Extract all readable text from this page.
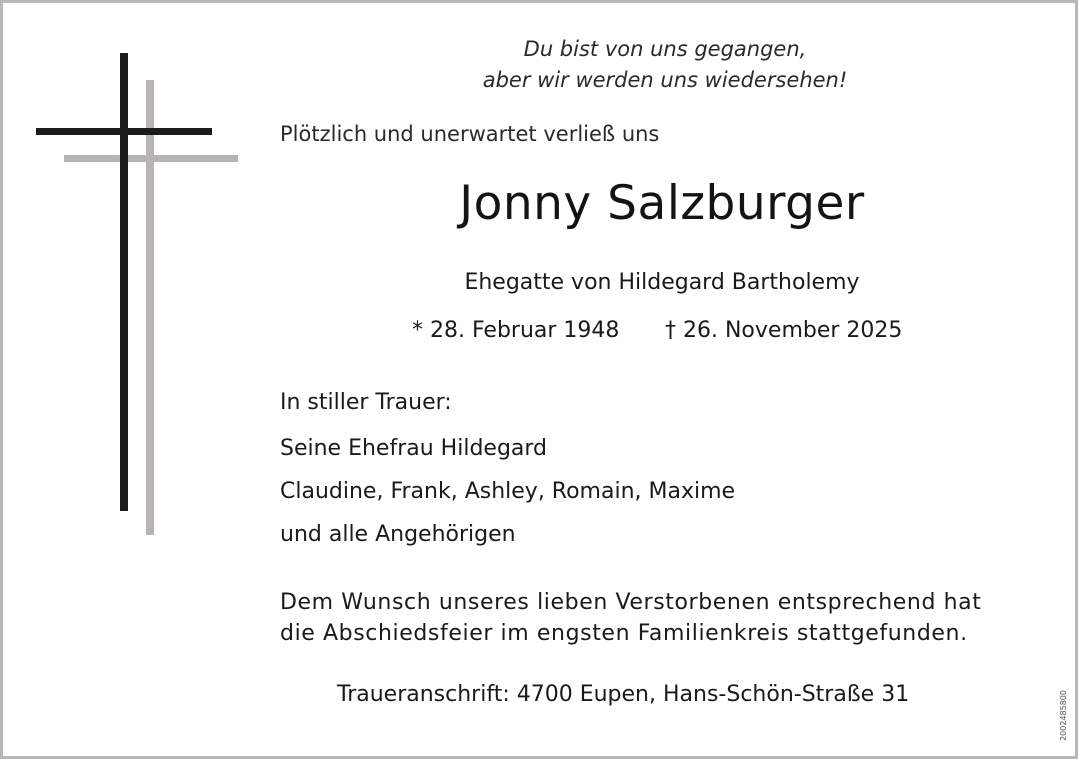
Du bist von uns gegangen,
aber wir werden uns wiedersehen!
Plötzlich und unerwartet verließ uns
Jonny Salzburger
Ehegatte von Hildegard Bartholemy
* 28. Februar 1948 † 26. November 2025
In stiller Trauer:
Seine Ehefrau Hildegard
Claudine, Frank, Ashley, Romain, Maxime
und alle Angehörigen
Dem Wunsch unseres lieben Verstorbenen entsprechend hat
die Abschiedsfeier im engsten Familienkreis stattgefunden.
Traueranschrift: 4700 Eupen, Hans-Schön-Straße 31	2002485800
